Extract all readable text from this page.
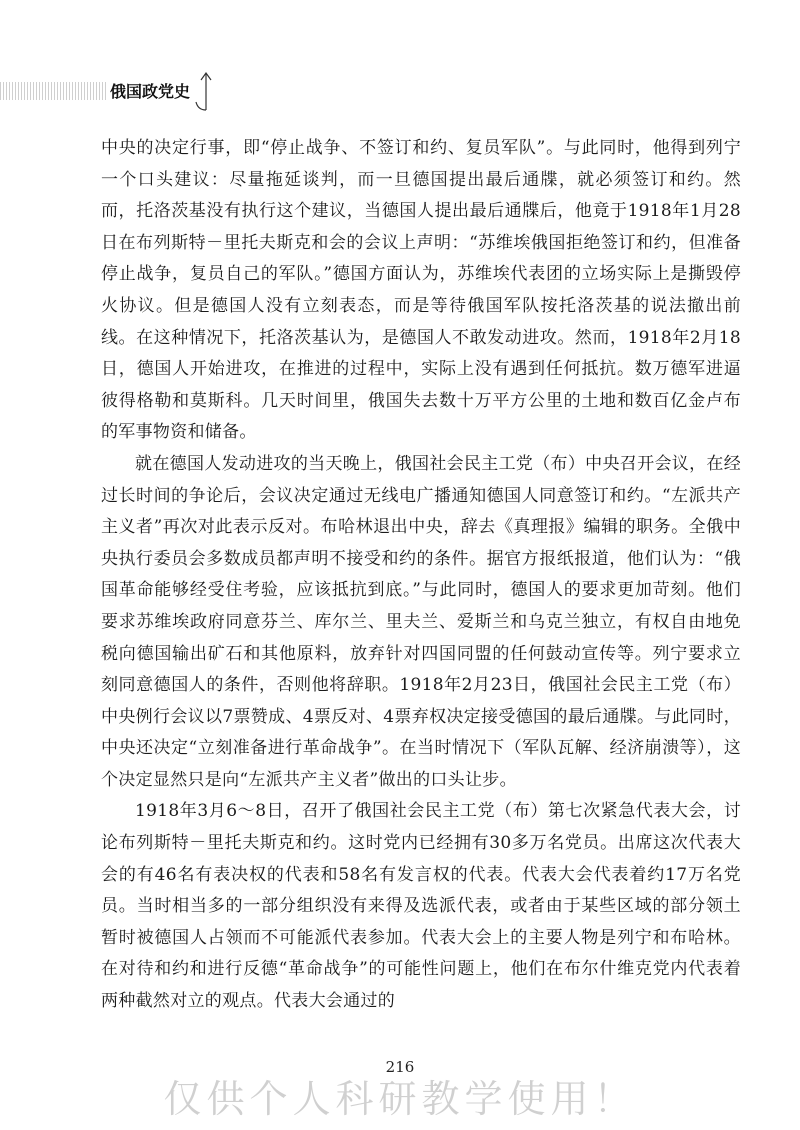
俄国政党史

中央的决定行事，即“停止战争、不签订和约、复员军队”。与此同时，他得到列宁一个口头建议：尽量拖延谈判，而一旦德国提出最后通牒，就必须签订和约。然而，托洛茨基没有执行这个建议，当德国人提出最后通牒后，他竟于1918年1月28日在布列斯特－里托夫斯克和会的会议上声明：“苏维埃俄国拒绝签订和约，但准备停止战争，复员自己的军队。”德国方面认为，苏维埃代表团的立场实际上是撕毁停火协议。但是德国人没有立刻表态，而是等待俄国军队按托洛茨基的说法撤出前线。在这种情况下，托洛茨基认为，是德国人不敢发动进攻。然而，1918年2月18日，德国人开始进攻，在推进的过程中，实际上没有遇到任何抵抗。数万德军进逼彼得格勒和莫斯科。几天时间里，俄国失去数十万平方公里的土地和数百亿金卢布的军事物资和储备。

就在德国人发动进攻的当天晚上，俄国社会民主工党（布）中央召开会议，在经过长时间的争论后，会议决定通过无线电广播通知德国人同意签订和约。“左派共产主义者”再次对此表示反对。布哈林退出中央，辞去《真理报》编辑的职务。全俄中央执行委员会多数成员都声明不接受和约的条件。据官方报纸报道，他们认为：“俄国革命能够经受住考验，应该抵抗到底。”与此同时，德国人的要求更加苛刻。他们要求苏维埃政府同意芬兰、库尔兰、里夫兰、爱斯兰和乌克兰独立，有权自由地免税向德国输出矿石和其他原料，放弃针对四国同盟的任何鼓动宣传等。列宁要求立刻同意德国人的条件，否则他将辞职。1918年2月23日，俄国社会民主工党（布）中央例行会议以7票赞成、4票反对、4票弃权决定接受德国的最后通牒。与此同时，中央还决定“立刻准备进行革命战争”。在当时情况下（军队瓦解、经济崩溃等），这个决定显然只是向“左派共产主义者”做出的口头让步。

1918年3月6～8日，召开了俄国社会民主工党（布）第七次紧急代表大会，讨论布列斯特－里托夫斯克和约。这时党内已经拥有30多万名党员。出席这次代表大会的有46名有表决权的代表和58名有发言权的代表。代表大会代表着约17万名党员。当时相当多的一部分组织没有来得及选派代表，或者由于某些区域的部分领土暂时被德国人占领而不可能派代表参加。代表大会上的主要人物是列宁和布哈林。在对待和约和进行反德“革命战争”的可能性问题上，他们在布尔什维克党内代表着两种截然对立的观点。代表大会通过的

216
仅供个人科研教学使用！
